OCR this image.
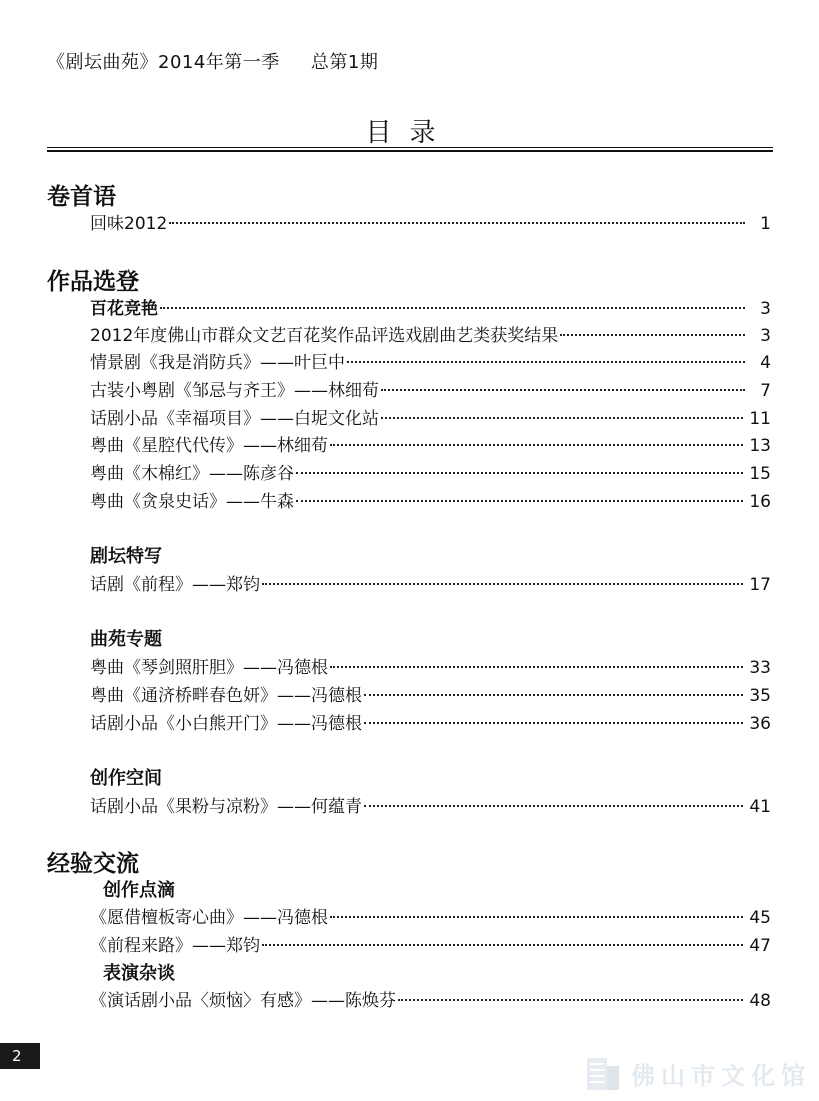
《剧坛曲苑》2014年第一季     总第1期
目录
卷首语
回味2012	1
作品选登
百花竞艳	3
2012年度佛山市群众文艺百花奖作品评选戏剧曲艺类获奖结果	3
情景剧《我是消防兵》——叶巨中	4
古装小粤剧《邹忌与齐王》——林细荀	7
话剧小品《幸福项目》——白坭文化站	11
粤曲《星腔代代传》——林细荀	13
粤曲《木棉红》——陈彦谷	15
粤曲《贪泉史话》——牛森	16
剧坛特写
话剧《前程》——郑钧	17
曲苑专题
粤曲《琴剑照肝胆》——冯德根	33
粤曲《通济桥畔春色妍》——冯德根	35
话剧小品《小白熊开门》——冯德根	36
创作空间
话剧小品《果粉与凉粉》——何蕴青	41
经验交流
创作点滴
《愿借檀板寄心曲》——冯德根	45
《前程来路》——郑钧	47
表演杂谈
《演话剧小品〈烦恼〉有感》——陈焕芬	48
2
佛山市文化馆
